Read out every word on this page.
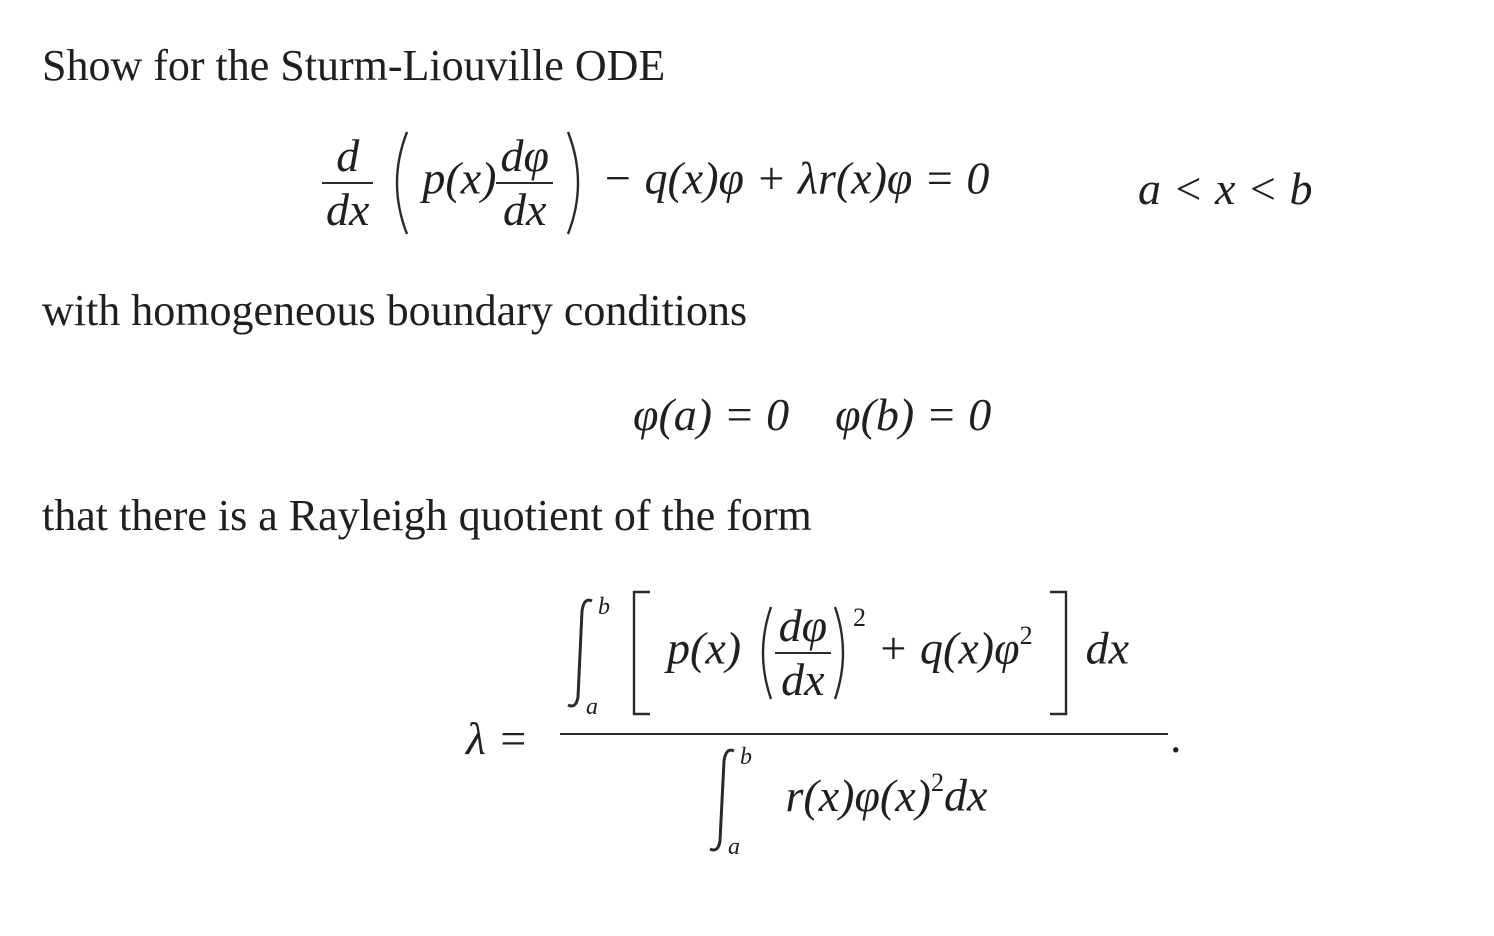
Show for the Sturm-Liouville ODE
$\frac{d}{dx} p(x) \frac{d\varphi}{dx} - q(x)\varphi + \lambda r(x)\varphi = 0$	a < x < b
with homogeneous boundary conditions
φ(a) = 0    φ(b) = 0
that there is a Rayleigh quotient of the form
λ =
b
a
$p(x) \frac{d\varphi}{dx} ^2 + q(x)\varphi^2$ dx
.
b
a
$r(x)\varphi(x)^2dx$
